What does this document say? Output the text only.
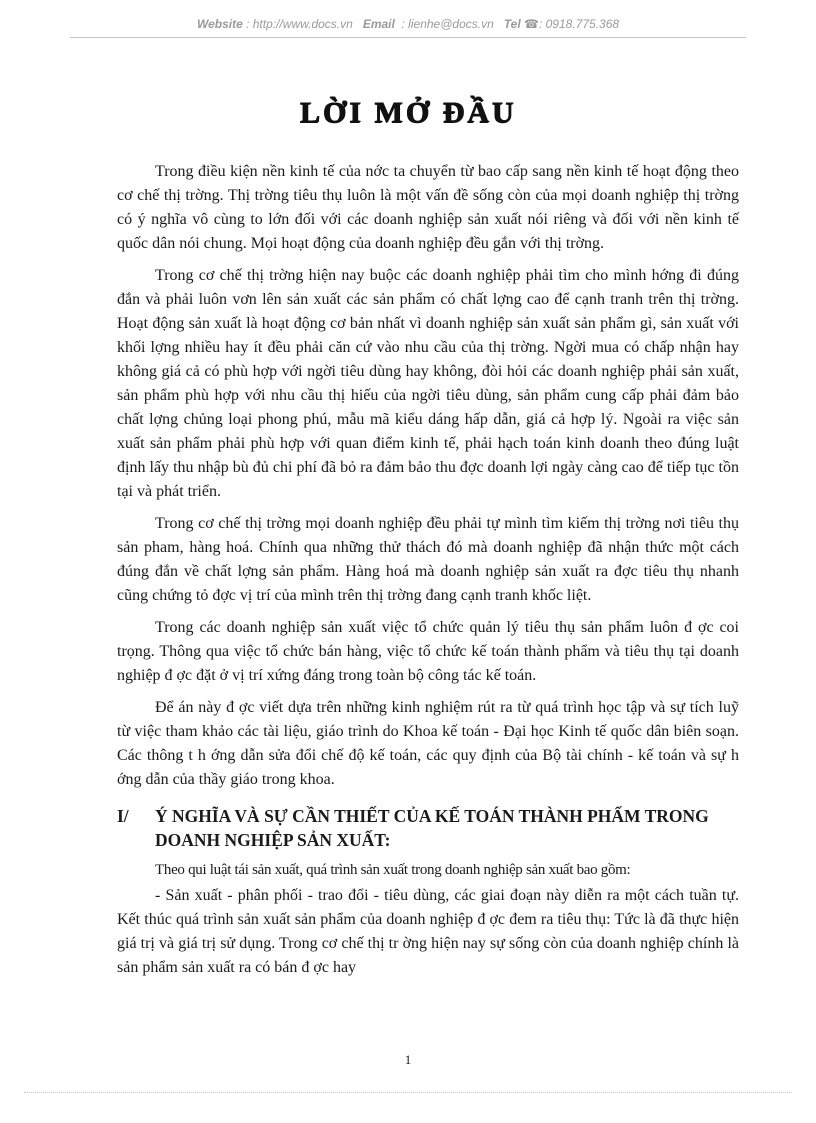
Website : http://www.docs.vn Email : lienhe@docs.vn Tel ☎: 0918.775.368
LỜI MỞ ĐẦU

Trong điều kiện nền kinh tế của nớc ta chuyển từ bao cấp sang nền kinh tế hoạt động theo cơ chế thị trờng. Thị trờng tiêu thụ luôn là một vấn đề sống còn của mọi doanh nghiệp thị trờng có ý nghĩa vô cùng to lớn đối với các doanh nghiệp sản xuất nói riêng và đối với nền kinh tế quốc dân nói chung. Mọi hoạt động của doanh nghiệp đều gắn với thị trờng.

Trong cơ chế thị trờng hiện nay buộc các doanh nghiệp phải tìm cho mình hớng đi đúng đắn và phải luôn vơn lên sản xuất các sản phẩm có chất lợng cao để cạnh tranh trên thị trờng. Hoạt động sản xuất là hoạt động cơ bản nhất vì doanh nghiệp sản xuất sản phẩm gì, sản xuất với khối lợng nhiều hay ít đều phải căn cứ vào nhu cầu của thị trờng. Ngời mua có chấp nhận hay không giá cả có phù hợp với ngời tiêu dùng hay không, đòi hỏi các doanh nghiệp phải sản xuất, sản phẩm phù hợp với nhu cầu thị hiếu của ngời tiêu dùng, sản phẩm cung cấp phải đảm bảo chất lợng chủng loại phong phú, mẫu mã kiểu dáng hấp dẫn, giá cả hợp lý. Ngoài ra việc sản xuất sản phẩm phải phù hợp với quan điểm kinh tế, phải hạch toán kinh doanh theo đúng luật định lấy thu nhập bù đủ chi phí đã bỏ ra đảm bảo thu đợc doanh lợi ngày càng cao để tiếp tục tồn tại và phát triển.

Trong cơ chế thị trờng mọi doanh nghiệp đều phải tự mình tìm kiếm thị trờng nơi tiêu thụ sản pham, hàng hoá. Chính qua những thử thách đó mà doanh nghiệp đã nhận thức một cách đúng đắn về chất lợng sản phẩm. Hàng hoá mà doanh nghiệp sản xuất ra đợc tiêu thụ nhanh cũng chứng tỏ đợc vị trí của mình trên thị trờng đang cạnh tranh khốc liệt.

Trong các doanh nghiệp sản xuất việc tổ chức quản lý tiêu thụ sản phẩm luôn đ ợc coi trọng. Thông qua việc tổ chức bán hàng, việc tổ chức kế toán thành phẩm và tiêu thụ tại doanh nghiệp đ ợc đặt ở vị trí xứng đáng trong toàn bộ công tác kế toán.

Để án này đ ợc viết dựa trên những kinh nghiệm rút ra từ quá trình học tập và sự tích luỹ từ việc tham khảo các tài liệu, giáo trình do Khoa kế toán - Đại học Kinh tế quốc dân biên soạn. Các thông t h ớng dẫn sửa đổi chế độ kế toán, các quy định của Bộ tài chính - kế toán và sự h ớng dẫn của thầy giáo trong khoa.

I/	Ý NGHĨA VÀ SỰ CẦN THIẾT CỦA KẾ TOÁN THÀNH PHẨM TRONG DOANH NGHIỆP SẢN XUẤT:

Theo qui luật tái sản xuất, quá trình sản xuất trong doanh nghiệp sản xuất bao gồm:

- Sản xuất - phân phối - trao đổi - tiêu dùng, các giai đoạn này diễn ra một cách tuần tự. Kết thúc quá trình sản xuất sản phẩm của doanh nghiệp đ ợc đem ra tiêu thụ: Tức là đã thực hiện giá trị và giá trị sử dụng. Trong cơ chế thị tr ờng hiện nay sự sống còn của doanh nghiệp chính là sản phẩm sản xuất ra có bán đ ợc hay

1
